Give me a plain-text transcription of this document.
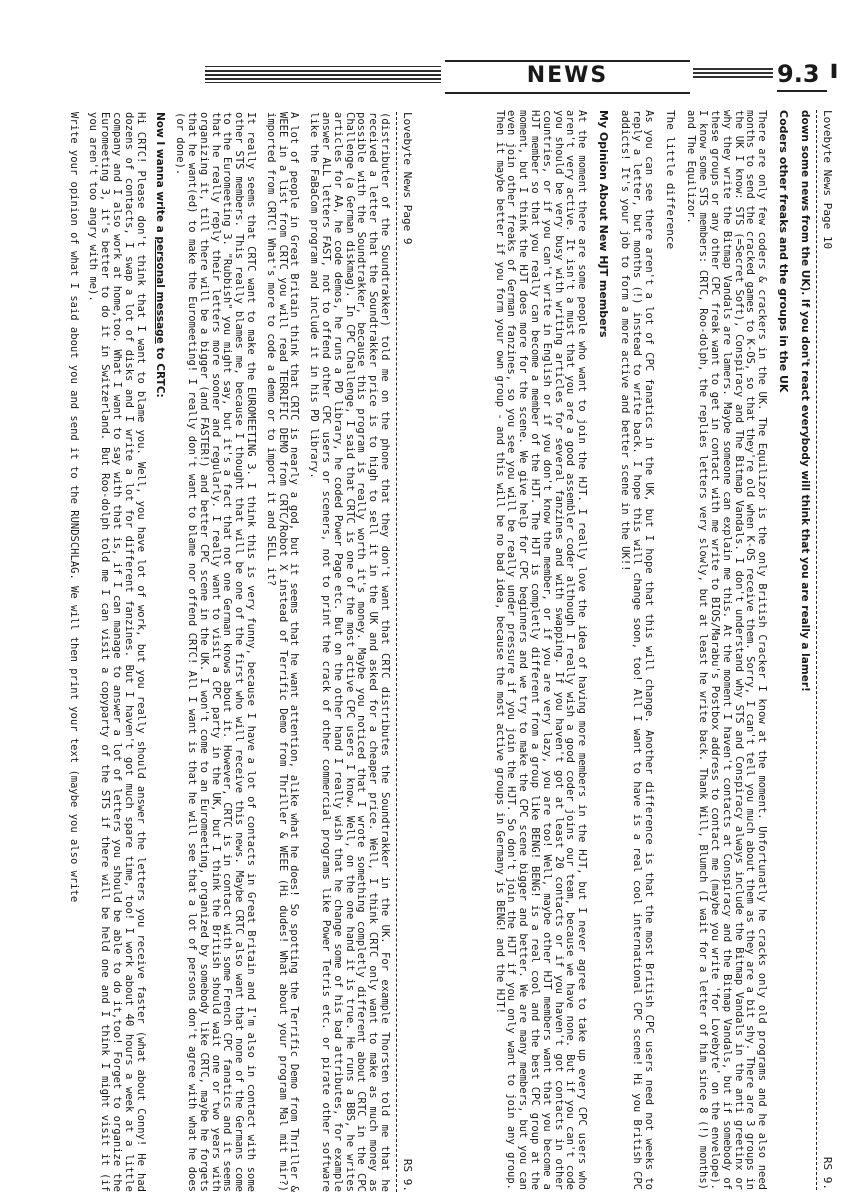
NEWS	9.3 ▌
Lovebyte News Page 10
RS 9.

down some news from the UK). If you don't react everybody will think that you are really a lamer!

Coders other freaks and the groups in the UK

There are only few coders & crackers in the UK. The Equilizor is the only British Cracker I know at the moment. Unfortunatly he cracks only old programs and he also need months to send the cracked games to K-OS, so that they're old when K-OS receive them. Sorry, I can't tell you much about them as they are a bit shy. There are 3 groups in the UK I know: STS (=Secret Soft), Conspiracy and The Bitmap Vandals. I don't understand why STS and Conspiracy always include the Bitmap Vandals in the anti greetinx or why they write the Bitmap Vandals are lamers. Maybe someone can explain me this. At the moment I haven't contacts at Conspiracy and the Bitmap Vandals, but if somebody of these groups or any other CPC freak want to get in contact with me write to BIOS/Marabu's Postbox address to contact me (maybe you write 'for Lovebyte' on the envelope). I know some STS members: CRTC, Roo-dolph, the replies letters very slowly, but at least he write back. Thank Will, Blumch (I wait for a letter of him since 8 (!) months) and The Equilizor.

The little difference

As you can see there aren't a lot of CPC fanatics in the UK, but I hope that this will change. Another difference is that the most British CPC users need not weeks to reply a letter, but months (!) instead to write back. I hope this will change soon, too! All I want to have is a real cool international CPC scene! Hi you British CPC addicts! It's your job to form a more active and better scene in the UK!!

My Opinion About New HJT members

At the moment there are some people who want to join the HJT. I really love the idea of having more members in the HJT, but I never agree to take up every CPC users who aren't very active. It isn't a must that you are a good assembler coder although I really wish a good coder joins our team, because we have none. But if you can't code you should be very busy with writing articles for several fanzines and with swapping. If you haven't got at least 20 contacts or if you haven't got contacts in other countries, or if you can't write in English or if you don't know the member, or if you are very lazy, you are too! Well, maybe other HJT members want that you become a HJT member so that you really can become a member of the HJT. The HJT is completly different from a group like BENG! BENG! is a real cool and the best CPC group at the moment, but I think the HJT does more for the scene. We give help for CPC beginners and we try to make the CPC scene bigger and better. We are many members, but you can even join other freaks of German fanzines, so you see you will be really under pressure if you join the HJT. So don't join the HJT if you only want to join any group. Then it maybe better if you form your own group - and this will be no bad idea, because the most active groups in Germany is BENG! and the HJT!

Lovebyte News Page 9
RS 9.

(distributer of the Soundtrakker) told me on the phone that they don't want that CRTC distributes the Soundtrakker in the UK. For example Thorsten told me that he received a letter that the Soundtrakker price is to high to sell it in the UK and asked for a cheaper price. Well, I think CRTC only want to make as much money as possible with the Soundtrakker, because this program is really worth it's money. Maybe you noticed that I wrote something completly different about CRTC in the CPC Challenge (a German diskmag). In CPC Challenge, I said that CRTC is one of the most active CPC users I know. Well, on the one hand it is true. He runs a BBS, he writes articles for AA, he code demos, he runs a PD library, he coded Power Page etc. But on the other hand I really wish that he change some of his bad attributes, for example answer ALL letters FAST, not to offend other CPC users or sceners, not to print the crack of other commercial programs like Power Tetris etc. or pirate other software like the FaBaCom program and include it in his PD library.

A lot of people in Great Britain think that CRTC is nearly a god, but it seems that he want attention, alike what he does! So spotting the Terrific Demo from Thriller & WEEE in a list from CRTC you will read TERRIFIC DEMO from CRTC/Robot X instead of Terrific Demo from Thriller & WEEE (Hi dudes! What about your program Mal mit mir?) imported from CRTC! What's more to code a demo or to import it and SELL it?

It really seems that CRTC want to make the EUROMEETING 3. I think this is very funny, because I have a lot of contacts in Great Britain and I'm also in contact with some other STS members. This really blames me, because I thought that will be one of the first who will receive this news. Maybe CRTC also want that none of the Germans come to the Euromeeting 3. "Rubbish" you might say, but it's a fact that not one German knows about it. However, CRTC is in contact with some French CPC fanatics and it seems that he really reply their letters more sooner and regularly. I really want to visit a CPC party in the UK, but I think the British should wait one or two years with organizing it, till there will be a bigger (and FASTER!) and better CPC scene in the UK. I won't come to an Euromeeting, organized by somebody like CRTC, maybe he forgets that he want(ed) to make the Euromeeting! I really don't want to blame nor offend CRTC! All I want is that he will see that a lot of persons don't agree with what he does (or done).

Now I wanna write a personal message to CRTC:

Hi CRTC! Please don't think that I want to blame you. Well, you have lot of work, but you really should answer the letters you receive faster (what about Conny! He had dozens of contacts, I swap a lot of disks and I write a lot for different fanzines. But I haven't got much spare time, too! I work about 40 hours a week at a little company and I also work at home,too. What I want to say with that is, if I can manage to answer a lot of letters you should be able to do it,too! Forget to organize the Euromeeting 3, it's better to do it in Switzerland. But Roo-dolph told me I can visit a copyparty of the STS if there will be held one and I think I might visit it (if you aren't too angry with me).

Write your opinion of what I said about you and send it to the RUNDSCHLAG. We will then print your text (maybe you also write
